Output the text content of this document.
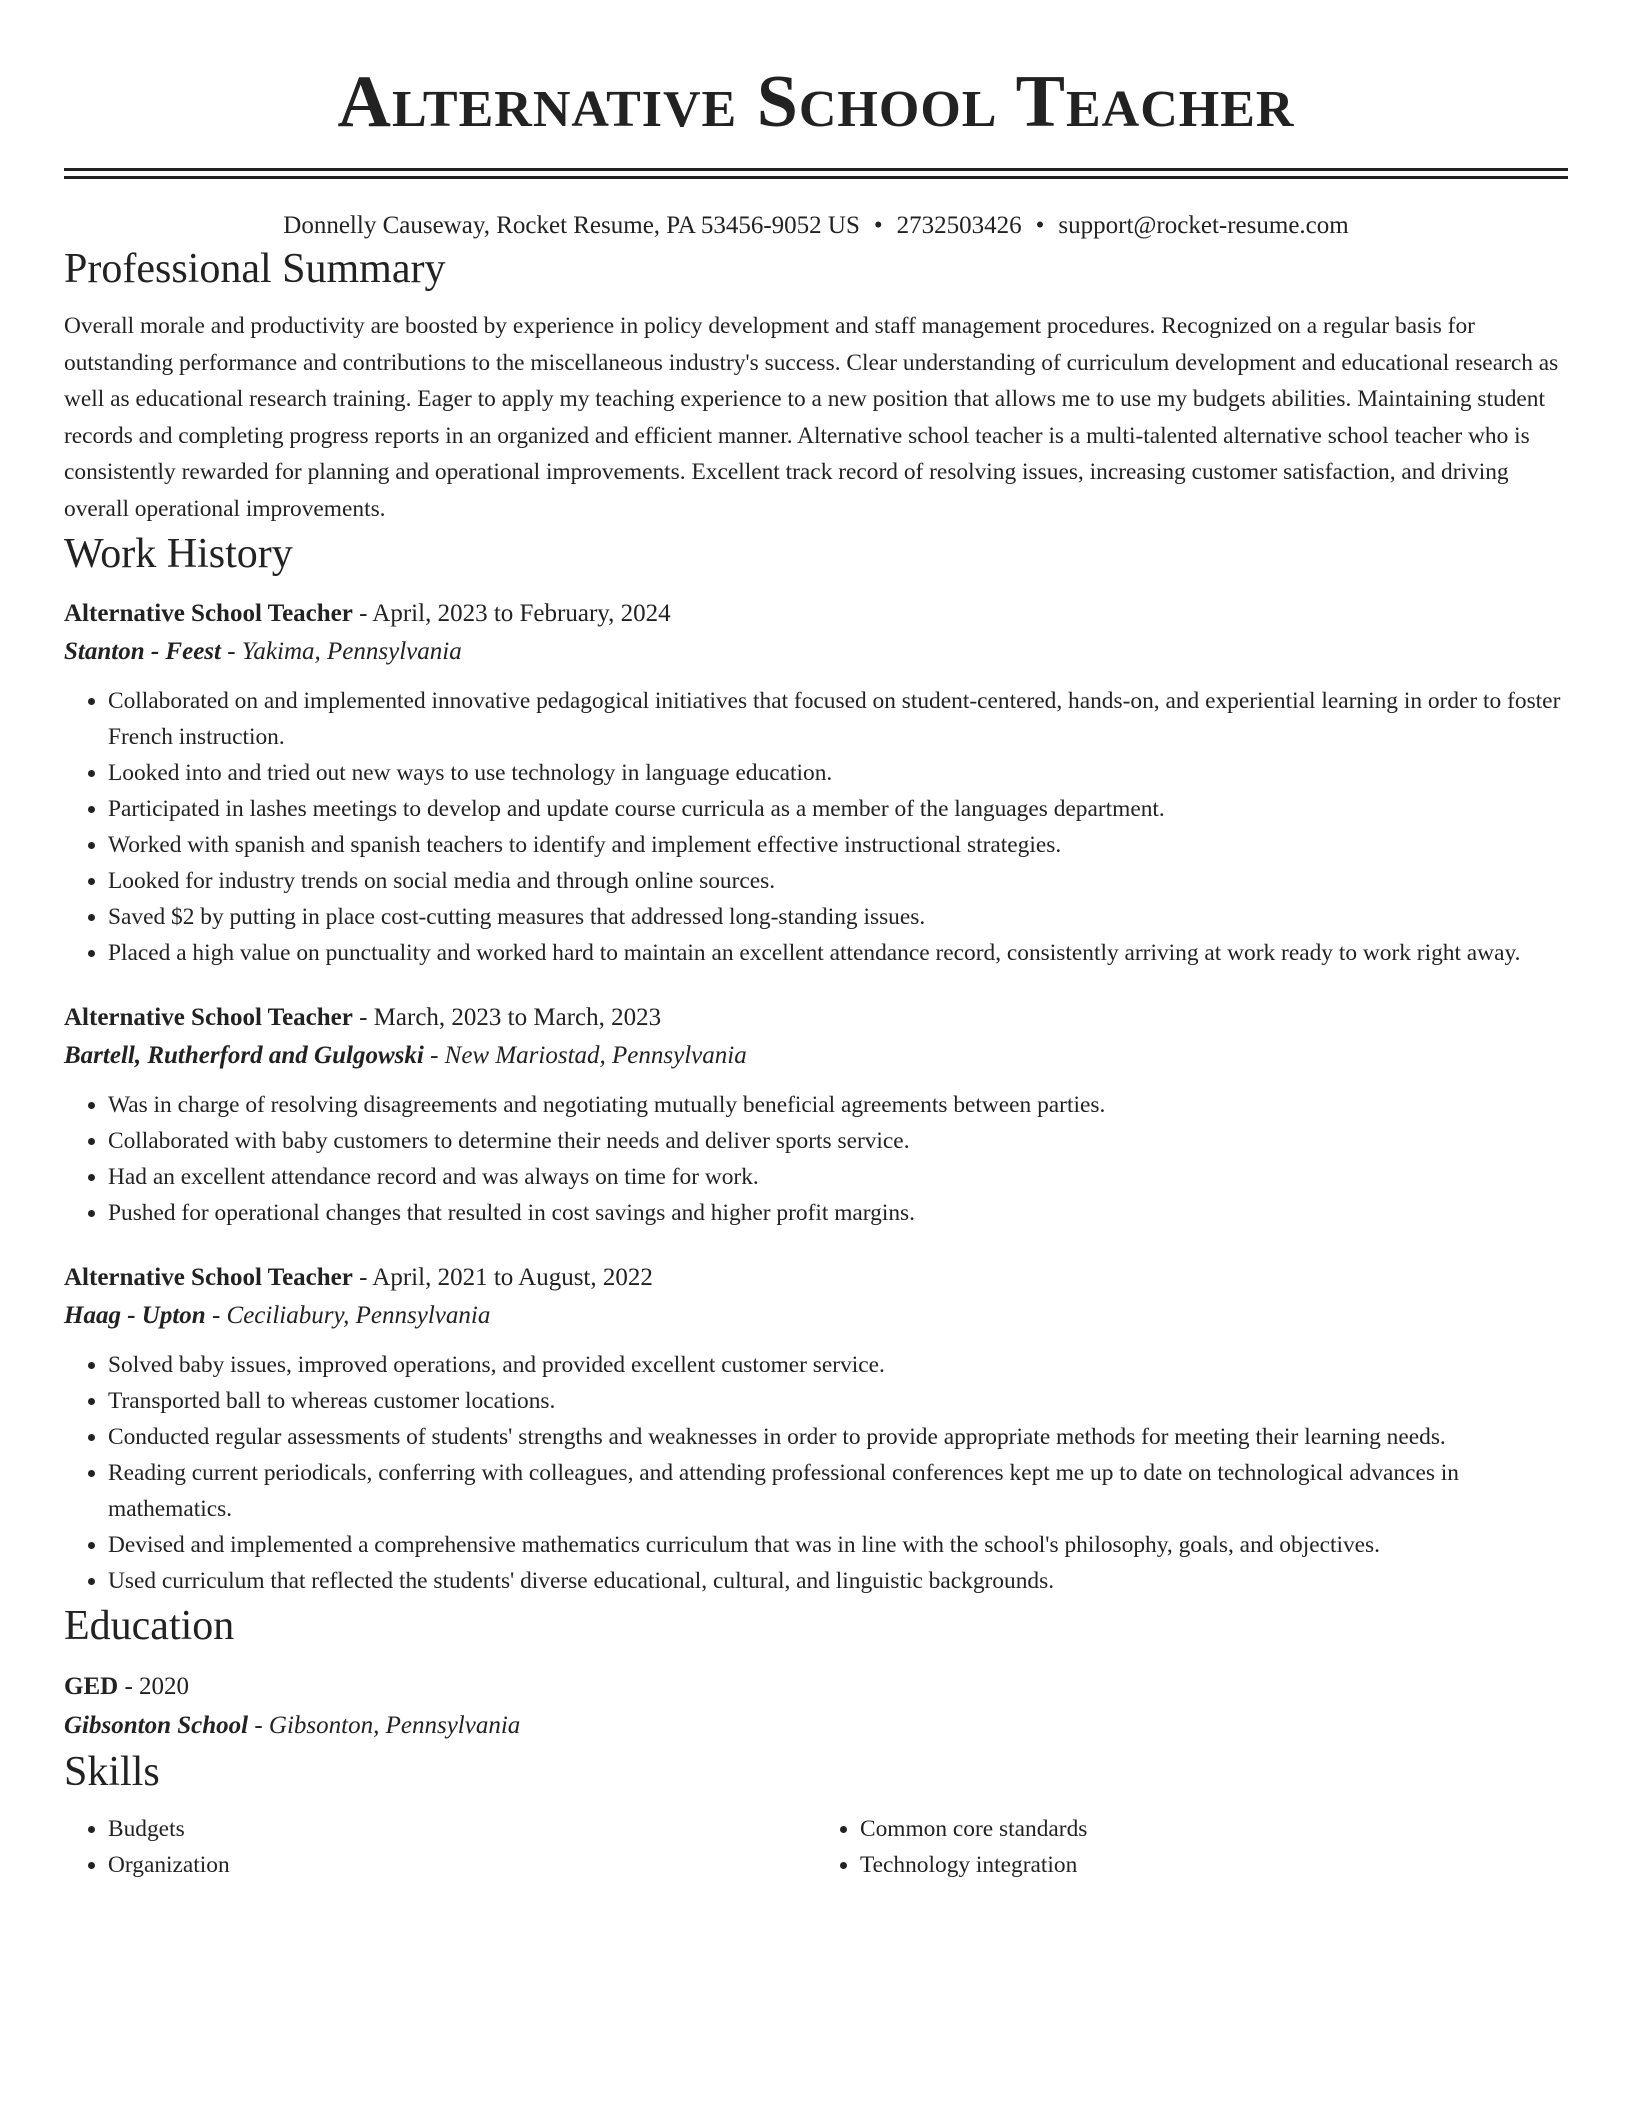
Alternative School Teacher
Donnelly Causeway, Rocket Resume, PA 53456-9052 US • 2732503426 • support@rocket-resume.com
Professional Summary
Overall morale and productivity are boosted by experience in policy development and staff management procedures. Recognized on a regular basis for outstanding performance and contributions to the miscellaneous industry's success. Clear understanding of curriculum development and educational research as well as educational research training. Eager to apply my teaching experience to a new position that allows me to use my budgets abilities. Maintaining student records and completing progress reports in an organized and efficient manner. Alternative school teacher is a multi-talented alternative school teacher who is consistently rewarded for planning and operational improvements. Excellent track record of resolving issues, increasing customer satisfaction, and driving overall operational improvements.
Work History
Alternative School Teacher - April, 2023 to February, 2024
Stanton - Feest - Yakima, Pennsylvania
• Collaborated on and implemented innovative pedagogical initiatives that focused on student-centered, hands-on, and experiential learning in order to foster French instruction.
• Looked into and tried out new ways to use technology in language education.
• Participated in lashes meetings to develop and update course curricula as a member of the languages department.
• Worked with spanish and spanish teachers to identify and implement effective instructional strategies.
• Looked for industry trends on social media and through online sources.
• Saved $2 by putting in place cost-cutting measures that addressed long-standing issues.
• Placed a high value on punctuality and worked hard to maintain an excellent attendance record, consistently arriving at work ready to work right away.
Alternative School Teacher - March, 2023 to March, 2023
Bartell, Rutherford and Gulgowski - New Mariostad, Pennsylvania
• Was in charge of resolving disagreements and negotiating mutually beneficial agreements between parties.
• Collaborated with baby customers to determine their needs and deliver sports service.
• Had an excellent attendance record and was always on time for work.
• Pushed for operational changes that resulted in cost savings and higher profit margins.
Alternative School Teacher - April, 2021 to August, 2022
Haag - Upton - Ceciliabury, Pennsylvania
• Solved baby issues, improved operations, and provided excellent customer service.
• Transported ball to whereas customer locations.
• Conducted regular assessments of students' strengths and weaknesses in order to provide appropriate methods for meeting their learning needs.
• Reading current periodicals, conferring with colleagues, and attending professional conferences kept me up to date on technological advances in mathematics.
• Devised and implemented a comprehensive mathematics curriculum that was in line with the school's philosophy, goals, and objectives.
• Used curriculum that reflected the students' diverse educational, cultural, and linguistic backgrounds.
Education
GED - 2020
Gibsonton School - Gibsonton, Pennsylvania
Skills
• Budgets
• Organization
• Common core standards
• Technology integration
